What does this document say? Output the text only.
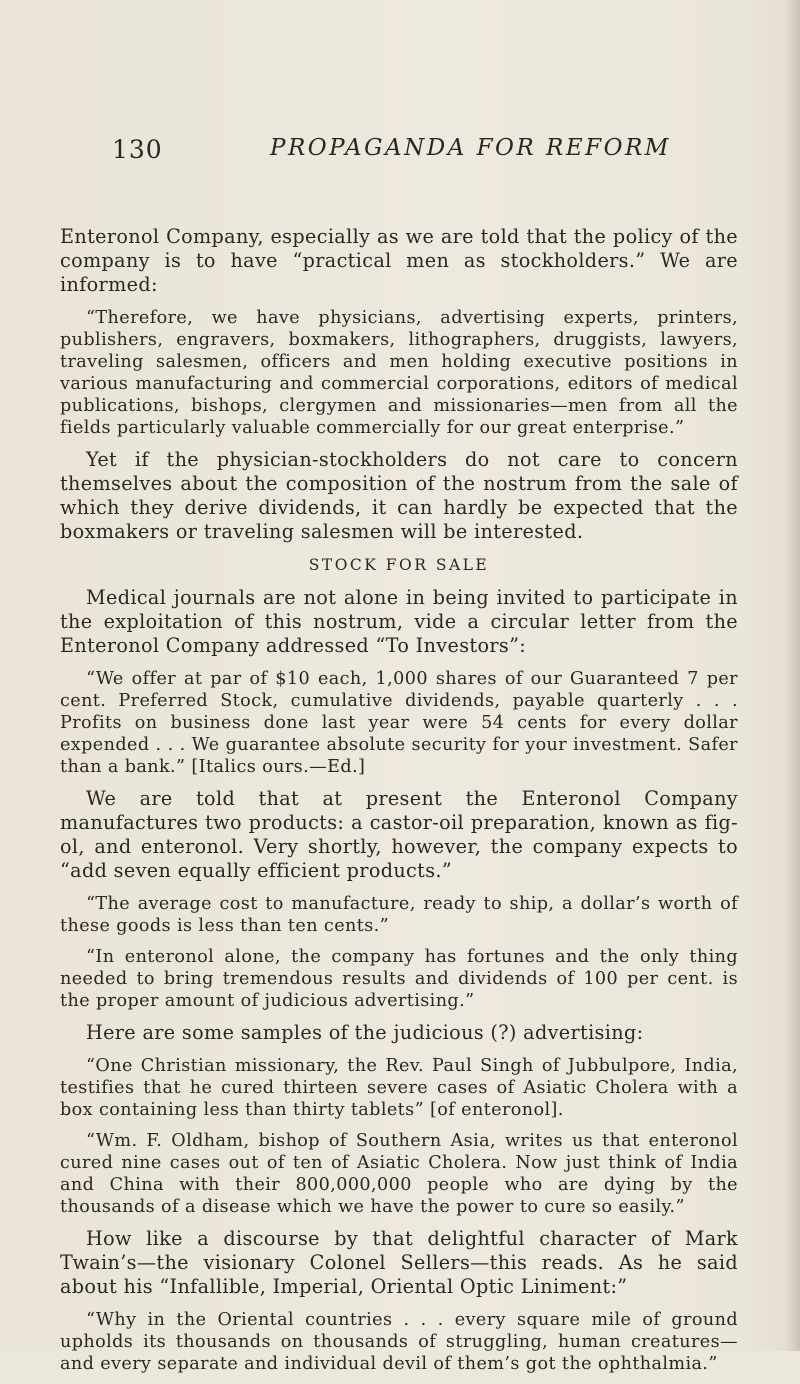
130	PROPAGANDA FOR REFORM

Enteronol Company, especially as we are told that the policy of the company is to have “practical men as stockholders.” We are informed:

“Therefore, we have physicians, advertising experts, printers, publishers, engravers, boxmakers, lithographers, druggists, lawyers, traveling salesmen, officers and men holding executive positions in various manufacturing and commercial corporations, editors of medical publications, bishops, clergymen and missionaries—men from all the fields particularly valuable commercially for our great enterprise.”

Yet if the physician-stockholders do not care to concern themselves about the composition of the nostrum from the sale of which they derive dividends, it can hardly be expected that the boxmakers or traveling salesmen will be interested.

STOCK FOR SALE

Medical journals are not alone in being invited to participate in the exploitation of this nostrum, vide a circular letter from the Enteronol Company addressed “To Investors”:

“We offer at par of $10 each, 1,000 shares of our Guaranteed 7 per cent. Preferred Stock, cumulative dividends, payable quarterly . . . Profits on business done last year were 54 cents for every dollar expended . . . We guarantee absolute security for your investment. Safer than a bank.” [Italics ours.—Ed.]

We are told that at present the Enteronol Company manufactures two products: a castor-oil preparation, known as fig-ol, and enteronol. Very shortly, however, the company expects to “add seven equally efficient products.”

“The average cost to manufacture, ready to ship, a dollar’s worth of these goods is less than ten cents.”

“In enteronol alone, the company has fortunes and the only thing needed to bring tremendous results and dividends of 100 per cent. is the proper amount of judicious advertising.”

Here are some samples of the judicious (?) advertising:

“One Christian missionary, the Rev. Paul Singh of Jubbulpore, India, testifies that he cured thirteen severe cases of Asiatic Cholera with a box containing less than thirty tablets” [of enteronol].

“Wm. F. Oldham, bishop of Southern Asia, writes us that enteronol cured nine cases out of ten of Asiatic Cholera. Now just think of India and China with their 800,000,000 people who are dying by the thousands of a disease which we have the power to cure so easily.”

How like a discourse by that delightful character of Mark Twain’s—the visionary Colonel Sellers—this reads. As he said about his “Infallible, Imperial, Oriental Optic Liniment:”

“Why in the Oriental countries . . . every square mile of ground upholds its thousands on thousands of struggling, human creatures—and every separate and individual devil of them’s got the ophthalmia.”
